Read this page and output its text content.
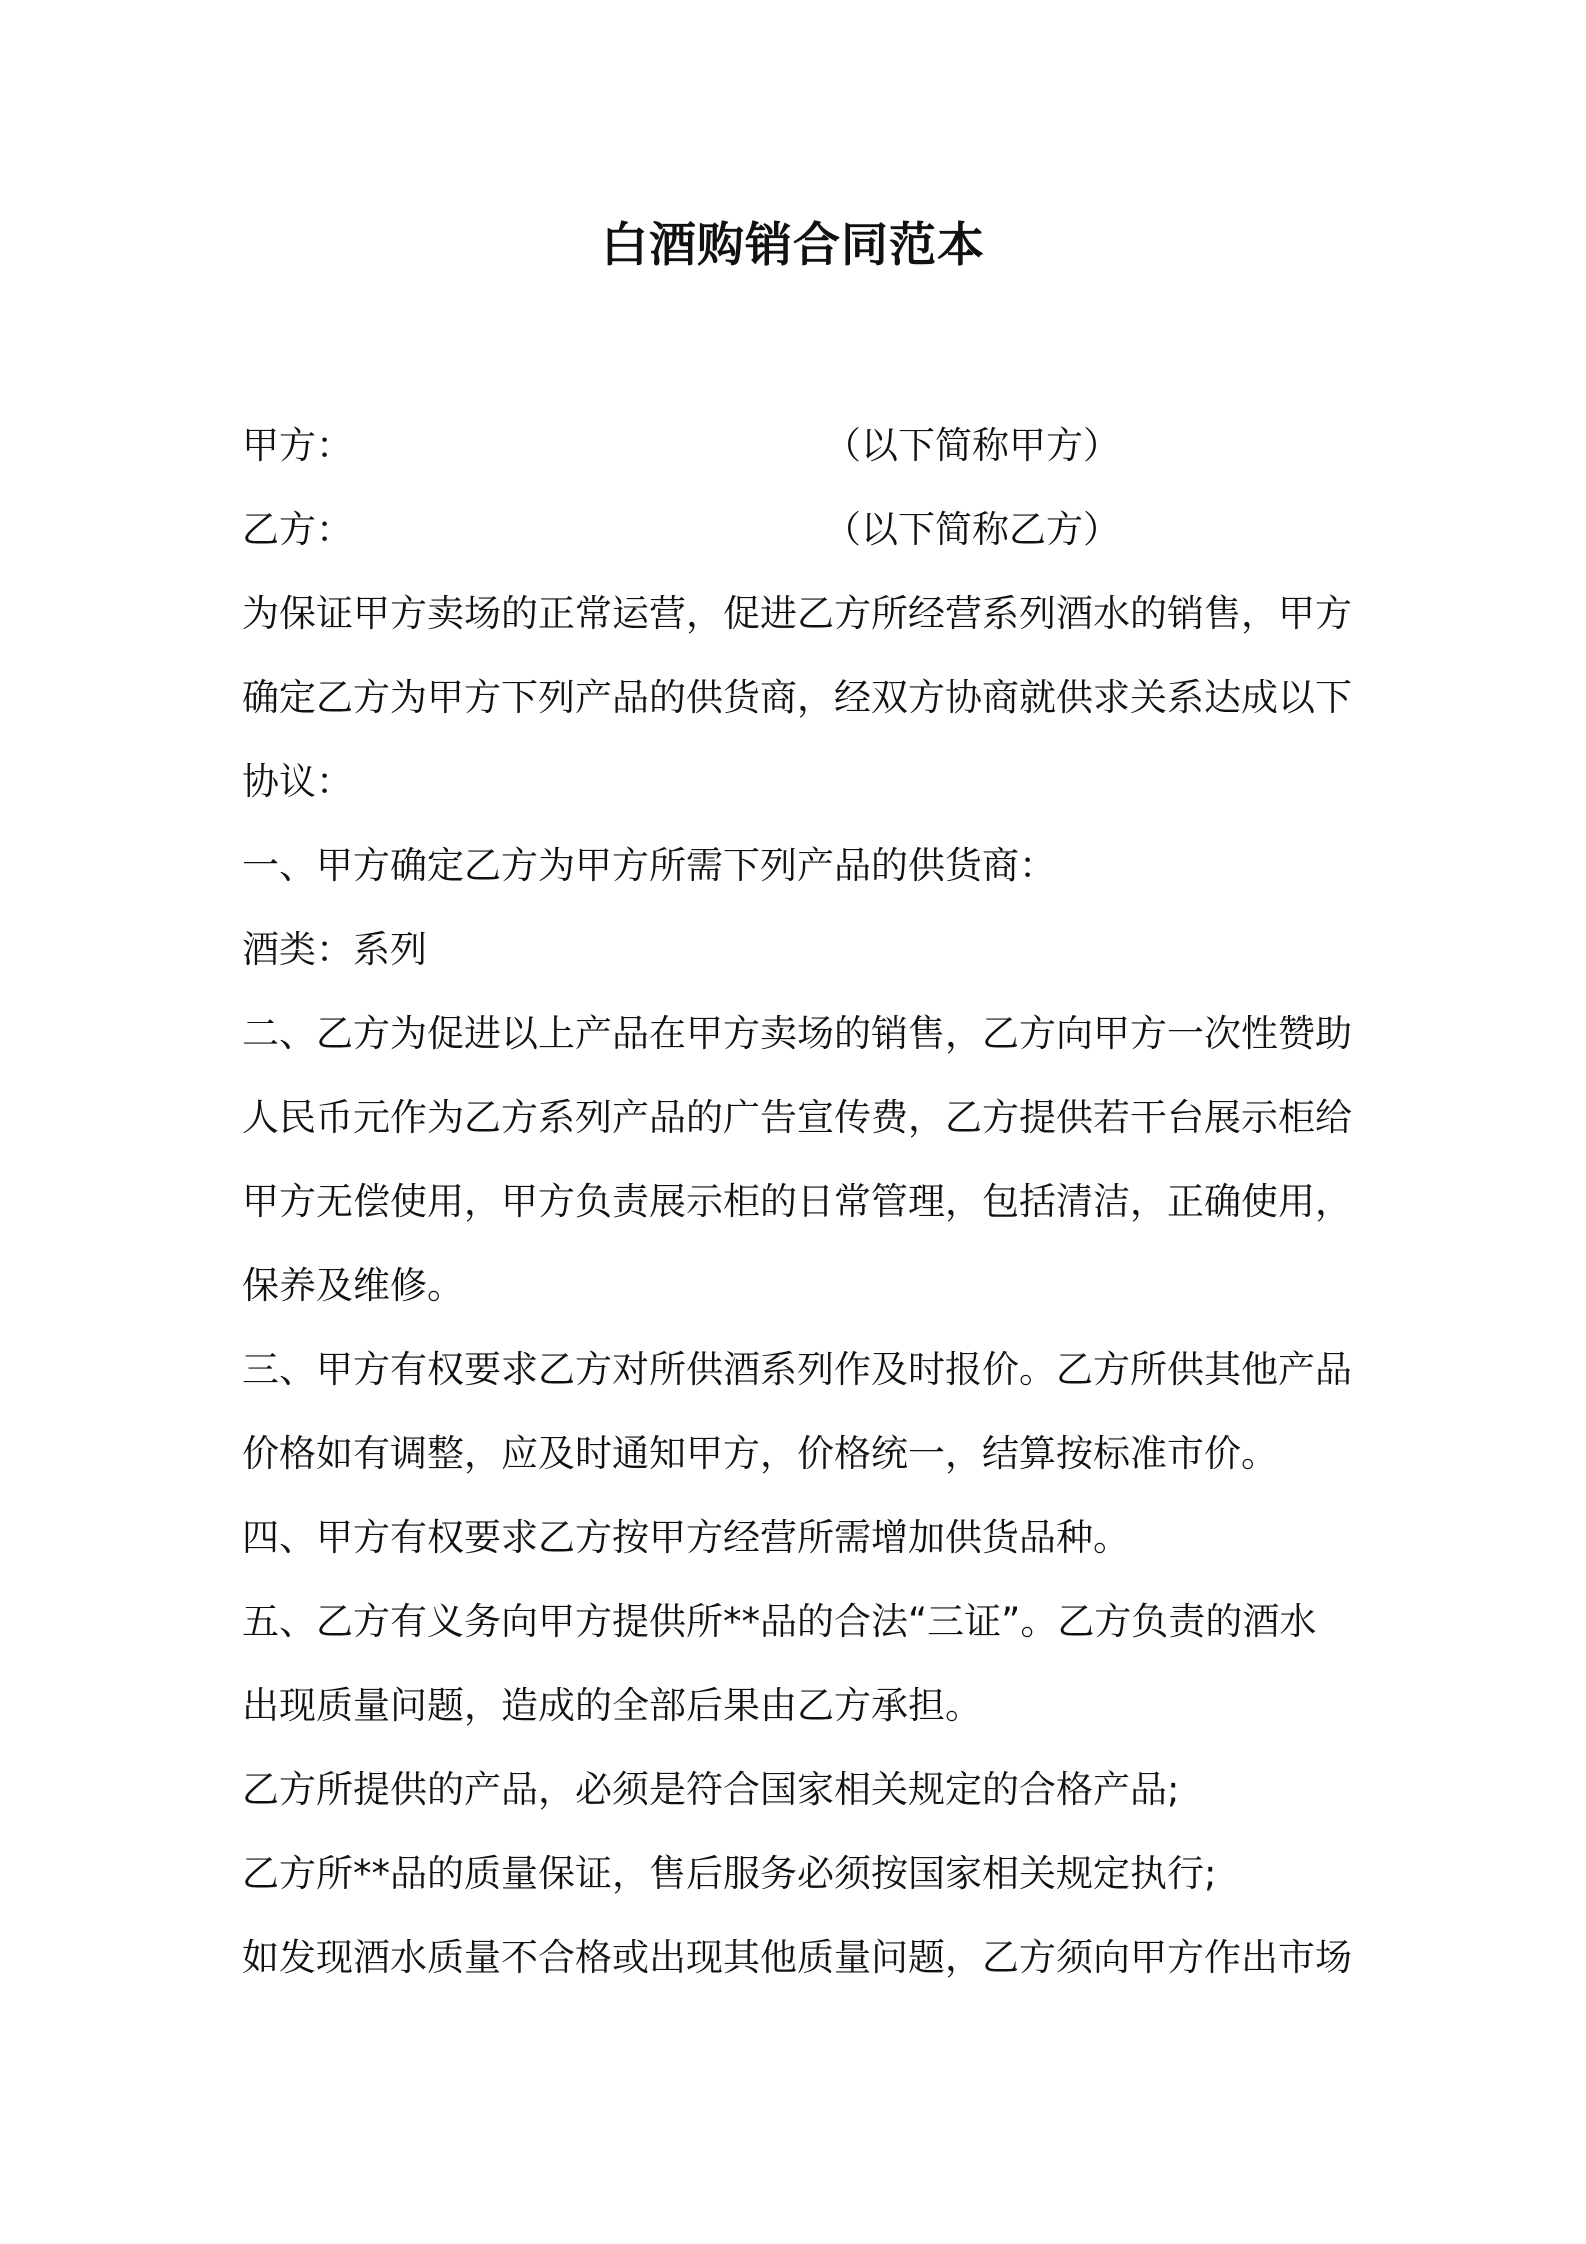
白酒购销合同范本
甲方：	（以下简称甲方）
乙方：	（以下简称乙方）
为保证甲方卖场的正常运营，促进乙方所经营系列酒水的销售，甲方
确定乙方为甲方下列产品的供货商，经双方协商就供求关系达成以下
协议：
一、甲方确定乙方为甲方所需下列产品的供货商：
酒类：系列
二、乙方为促进以上产品在甲方卖场的销售，乙方向甲方一次性赞助
人民币元作为乙方系列产品的广告宣传费，乙方提供若干台展示柜给
甲方无偿使用，甲方负责展示柜的日常管理，包括清洁，正确使用，
保养及维修。
三、甲方有权要求乙方对所供酒系列作及时报价。乙方所供其他产品
价格如有调整，应及时通知甲方，价格统一，结算按标准市价。
四、甲方有权要求乙方按甲方经营所需增加供货品种。
五、乙方有义务向甲方提供所**品的合法“三证”。乙方负责的酒水
出现质量问题，造成的全部后果由乙方承担。
乙方所提供的产品，必须是符合国家相关规定的合格产品;
乙方所**品的质量保证，售后服务必须按国家相关规定执行;
如发现酒水质量不合格或出现其他质量问题，乙方须向甲方作出市场
